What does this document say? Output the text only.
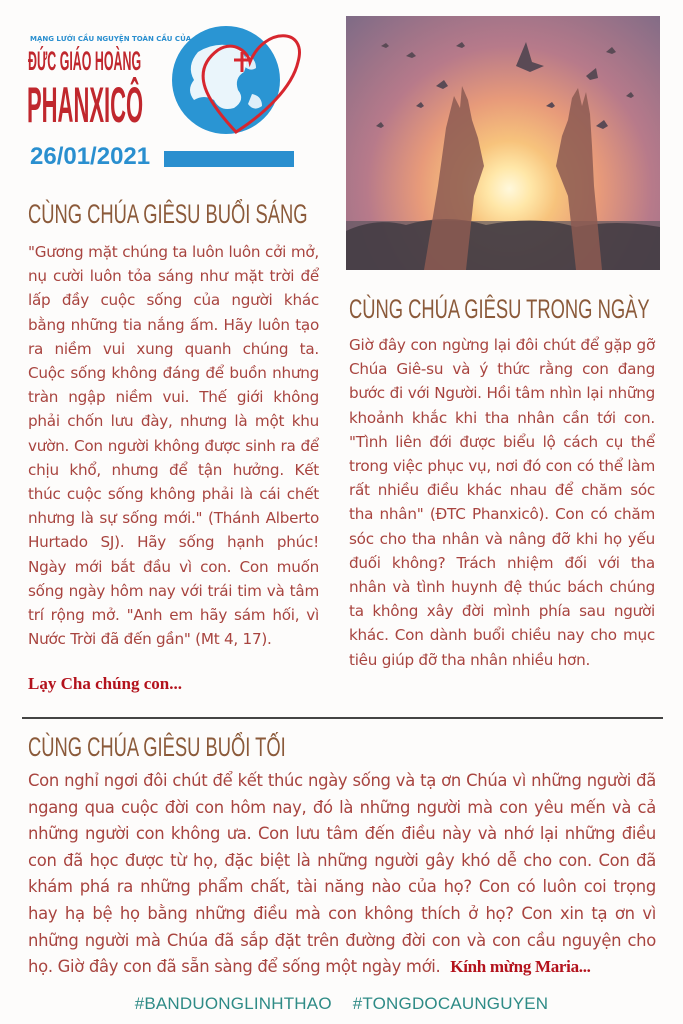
MẠNG LƯỚI CẦU NGUYỆN TOÀN CẦU CỦA
ĐỨC GIÁO HOÀNG
PHANXICÔ
26/01/2021
CÙNG CHÚA GIÊSU BUỔI SÁNG
"Gương mặt chúng ta luôn luôn cởi mở, nụ cười luôn tỏa sáng như mặt trời để lấp đầy cuộc sống của người khác bằng những tia nắng ấm. Hãy luôn tạo ra niềm vui xung quanh chúng ta. Cuộc sống không đáng để buồn nhưng tràn ngập niềm vui. Thế giới không phải chốn lưu đày, nhưng là một khu vườn. Con người không được sinh ra để chịu khổ, nhưng để tận hưởng. Kết thúc cuộc sống không phải là cái chết nhưng là sự sống mới." (Thánh Alberto Hurtado SJ). Hãy sống hạnh phúc! Ngày mới bắt đầu vì con. Con muốn sống ngày hôm nay với trái tim và tâm trí rộng mở. "Anh em hãy sám hối, vì Nước Trời đã đến gần" (Mt 4, 17).
Lạy Cha chúng con...
CÙNG CHÚA GIÊSU TRONG NGÀY
Giờ đây con ngừng lại đôi chút để gặp gỡ Chúa Giê-su và ý thức rằng con đang bước đi với Người. Hồi tâm nhìn lại những khoảnh khắc khi tha nhân cần tới con. "Tình liên đới được biểu lộ cách cụ thể trong việc phục vụ, nơi đó con có thể làm rất nhiều điều khác nhau để chăm sóc tha nhân" (ĐTC Phanxicô). Con có chăm sóc cho tha nhân và nâng đỡ khi họ yếu đuối không? Trách nhiệm đối với tha nhân và tình huynh đệ thúc bách chúng ta không xây đời mình phía sau người khác. Con dành buổi chiều nay cho mục tiêu giúp đỡ tha nhân nhiều hơn.
CÙNG CHÚA GIÊSU BUỔI TỐI
Con nghỉ ngơi đôi chút để kết thúc ngày sống và tạ ơn Chúa vì những người đã ngang qua cuộc đời con hôm nay, đó là những người mà con yêu mến và cả những người con không ưa. Con lưu tâm đến điều này và nhớ lại những điều con đã học được từ họ, đặc biệt là những người gây khó dễ cho con. Con đã khám phá ra những phẩm chất, tài năng nào của họ? Con có luôn coi trọng hay hạ bệ họ bằng những điều mà con không thích ở họ? Con xin tạ ơn vì những người mà Chúa đã sắp đặt trên đường đời con và con cầu nguyện cho họ. Giờ đây con đã sẵn sàng để sống một ngày mới. Kính mừng Maria...
#BANDUONGLINHTHAO #TONGDOCAUNGUYEN
